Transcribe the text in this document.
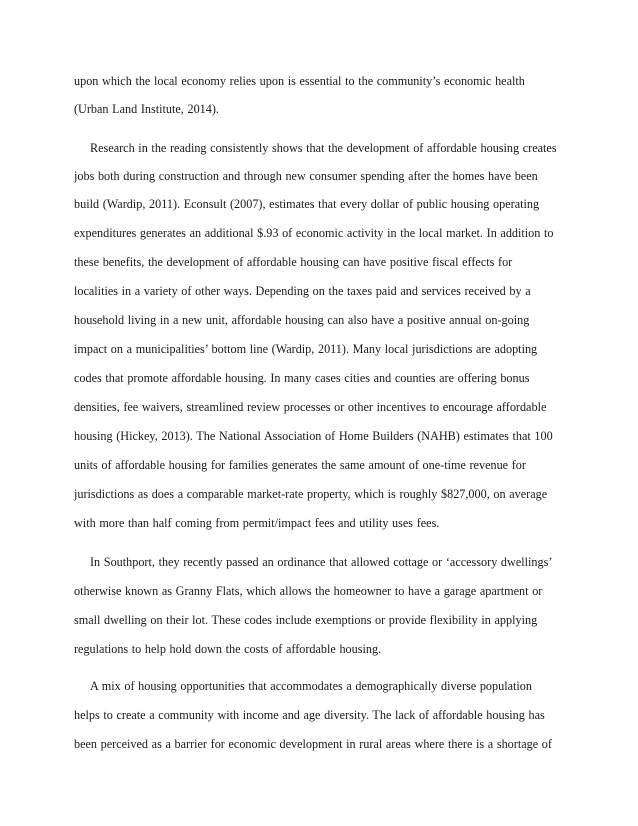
upon which the local economy relies upon is essential to the community’s economic health
(Urban Land Institute, 2014).
Research in the reading consistently shows that the development of affordable housing creates
jobs both during construction and through new consumer spending after the homes have been
build (Wardip, 2011). Econsult (2007), estimates that every dollar of public housing operating
expenditures generates an additional $.93 of economic activity in the local market. In addition to
these benefits, the development of affordable housing can have positive fiscal effects for
localities in a variety of other ways. Depending on the taxes paid and services received by a
household living in a new unit, affordable housing can also have a positive annual on-going
impact on a municipalities’ bottom line (Wardip, 2011). Many local jurisdictions are adopting
codes that promote affordable housing. In many cases cities and counties are offering bonus
densities, fee waivers, streamlined review processes or other incentives to encourage affordable
housing (Hickey, 2013). The National Association of Home Builders (NAHB) estimates that 100
units of affordable housing for families generates the same amount of one-time revenue for
jurisdictions as does a comparable market-rate property, which is roughly $827,000, on average
with more than half coming from permit/impact fees and utility uses fees.
In Southport, they recently passed an ordinance that allowed cottage or ‘accessory dwellings’
otherwise known as Granny Flats, which allows the homeowner to have a garage apartment or
small dwelling on their lot. These codes include exemptions or provide flexibility in applying
regulations to help hold down the costs of affordable housing.
A mix of housing opportunities that accommodates a demographically diverse population
helps to create a community with income and age diversity. The lack of affordable housing has
been perceived as a barrier for economic development in rural areas where there is a shortage of
